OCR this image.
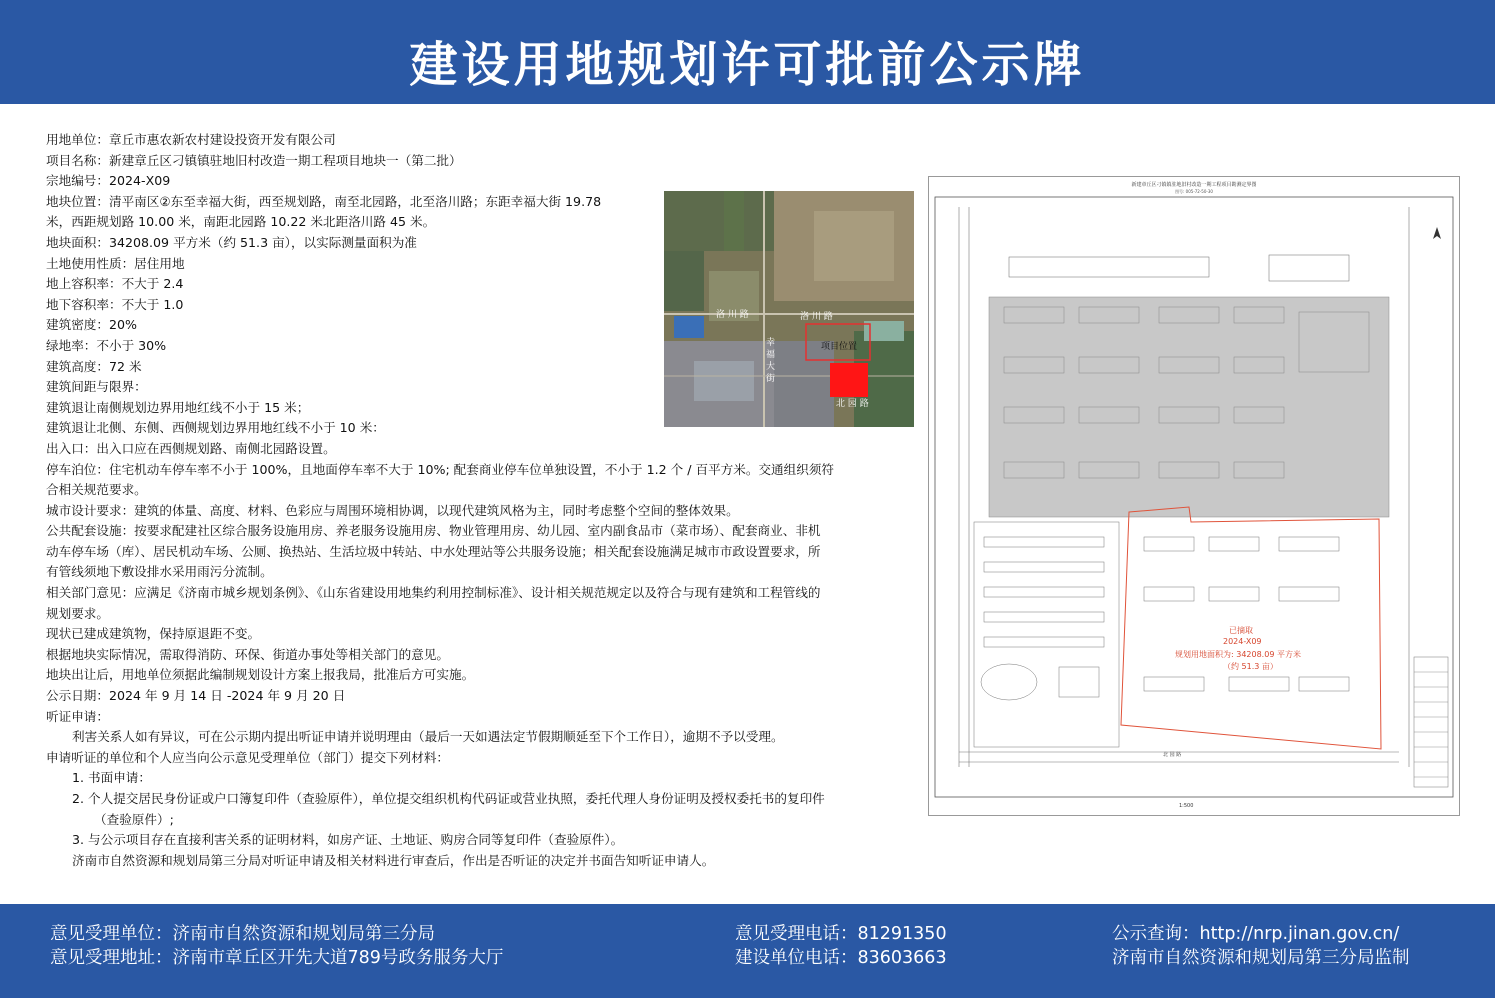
建设用地规划许可批前公示牌

用地单位：章丘市惠农新农村建设投资开发有限公司

项目名称：新建章丘区刁镇镇驻地旧村改造一期工程项目地块一（第二批）

宗地编号：2024-X09

地块位置：清平南区②东至幸福大街，西至规划路，南至北园路，北至洛川路；东距幸福大街 19.78

米，西距规划路 10.00 米，南距北园路 10.22 米北距洛川路 45 米。

地块面积：34208.09 平方米（约 51.3 亩），以实际测量面积为准

土地使用性质：居住用地

地上容积率：不大于 2.4

地下容积率：不大于 1.0

建筑密度：20%

绿地率：不小于 30%

建筑高度：72 米

建筑间距与限界：

建筑退让南侧规划边界用地红线不小于 15 米；

建筑退让北侧、东侧、西侧规划边界用地红线不小于 10 米：

出入口：出入口应在西侧规划路、南侧北园路设置。

停车泊位：住宅机动车停车率不小于 100%，且地面停车率不大于 10%; 配套商业停车位单独设置，不小于 1.2 个 / 百平方米。交通组织须符

合相关规范要求。

城市设计要求：建筑的体量、高度、材料、色彩应与周围环境相协调，以现代建筑风格为主，同时考虑整个空间的整体效果。

公共配套设施：按要求配建社区综合服务设施用房、养老服务设施用房、物业管理用房、幼儿园、室内副食品市（菜市场）、配套商业、非机

动车停车场（库）、居民机动车场、公厕、换热站、生活垃圾中转站、中水处理站等公共服务设施；相关配套设施满足城市市政设置要求，所

有管线须地下敷设排水采用雨污分流制。

相关部门意见：应满足《济南市城乡规划条例》、《山东省建设用地集约利用控制标准》、设计相关规范规定以及符合与现有建筑和工程管线的

规划要求。

现状已建成建筑物，保持原退距不变。

根据地块实际情况，需取得消防、环保、街道办事处等相关部门的意见。

地块出让后，用地单位须据此编制规划设计方案上报我局，批准后方可实施。

公示日期：2024 年 9 月 14 日 -2024 年 9 月 20 日

听证申请：

利害关系人如有异议，可在公示期内提出听证申请并说明理由（最后一天如遇法定节假期顺延至下个工作日），逾期不予以受理。

申请听证的单位和个人应当向公示意见受理单位（部门）提交下列材料：

1. 书面申请：

2. 个人提交居民身份证或户口簿复印件（查验原件），单位提交组织机构代码证或营业执照，委托代理人身份证明及授权委托书的复印件

（查验原件）;

3. 与公示项目存在直接利害关系的证明材料，如房产证、土地证、购房合同等复印件（查验原件）。

济南市自然资源和规划局第三分局对听证申请及相关材料进行审查后，作出是否听证的决定并书面告知听证申请人。

洛 川 路	洛 川 路
幸 福 大 街
北 园 路
项目位置
新建章丘区刁镇镇驻地旧村改造一期工程项目勘测定界图
图号: 005-72-50-30
已摘取
2024-X09
规划用地面积为: 34208.09 平方米
（约 51.3 亩）
北 园 路
1:500
意见受理单位：济南市自然资源和规划局第三分局
意见受理地址：济南市章丘区开先大道789号政务服务大厅
意见受理电话：81291350
建设单位电话：83603663
公示查询：http://nrp.jinan.gov.cn/
济南市自然资源和规划局第三分局监制
